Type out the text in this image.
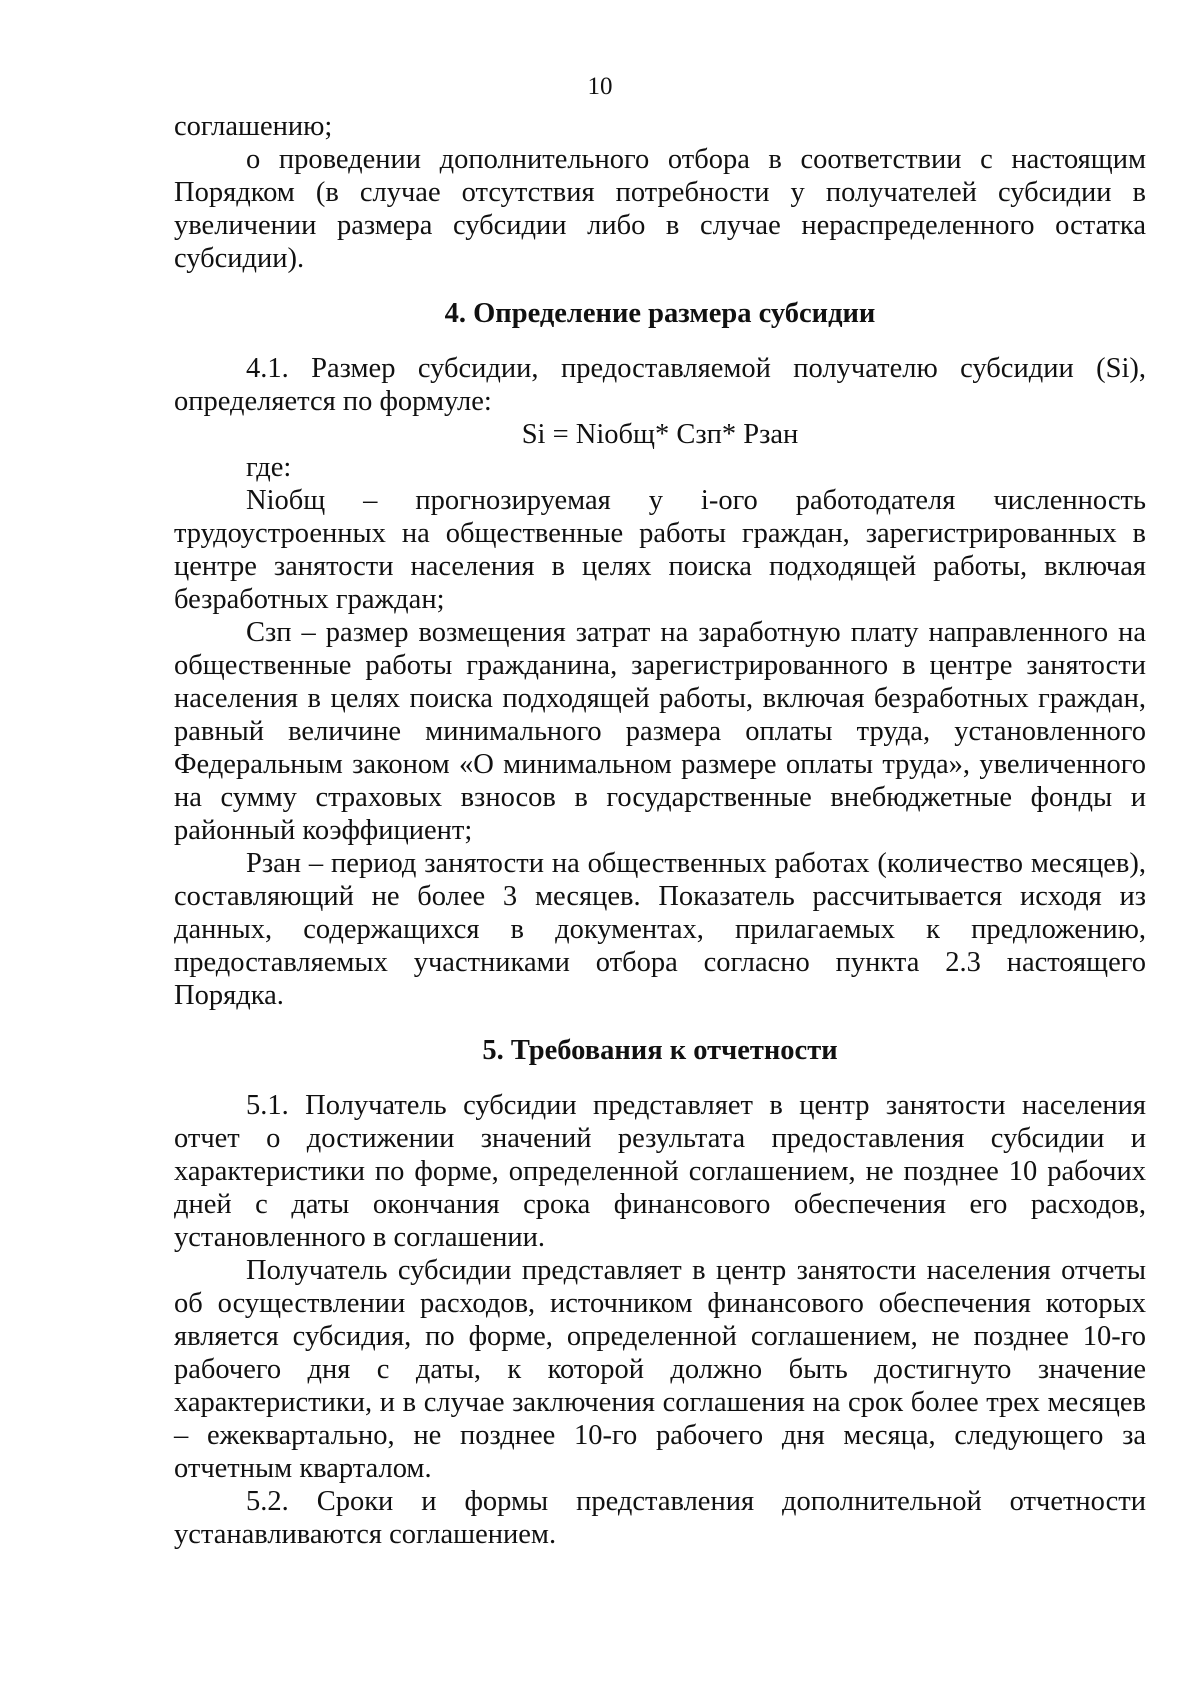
10

соглашению;

о проведении дополнительного отбора в соответствии с настоящим Порядком (в случае отсутствия потребности у получателей субсидии в увеличении размера субсидии либо в случае нераспределенного остатка субсидии).

4. Определение размера субсидии

4.1. Размер субсидии, предоставляемой получателю субсидии (Si), определяется по формуле:

Si = Niобщ* Сзп* Рзан

где:

Niобщ – прогнозируемая у i-ого работодателя численность трудоустроенных на общественные работы граждан, зарегистрированных в центре занятости населения в целях поиска подходящей работы, включая безработных граждан;

Сзп – размер возмещения затрат на заработную плату направленного на общественные работы гражданина, зарегистрированного в центре занятости населения в целях поиска подходящей работы, включая безработных граждан, равный величине минимального размера оплаты труда, установленного Федеральным законом «О минимальном размере оплаты труда», увеличенного на сумму страховых взносов в государственные внебюджетные фонды и районный коэффициент;

Рзан – период занятости на общественных работах (количество месяцев), составляющий не более 3 месяцев. Показатель рассчитывается исходя из данных, содержащихся в документах, прилагаемых к предложению, предоставляемых участниками отбора согласно пункта 2.3 настоящего Порядка.

5. Требования к отчетности

5.1. Получатель субсидии представляет в центр занятости населения отчет о достижении значений результата предоставления субсидии и характеристики по форме, определенной соглашением, не позднее 10 рабочих дней с даты окончания срока финансового обеспечения его расходов, установленного в соглашении.

Получатель субсидии представляет в центр занятости населения отчеты об осуществлении расходов, источником финансового обеспечения которых является субсидия, по форме, определенной соглашением, не позднее 10-го рабочего дня с даты, к которой должно быть достигнуто значение характеристики, и в случае заключения соглашения на срок более трех месяцев – ежеквартально, не позднее 10-го рабочего дня месяца, следующего за отчетным кварталом.

5.2. Сроки и формы представления дополнительной отчетности устанавливаются соглашением.
